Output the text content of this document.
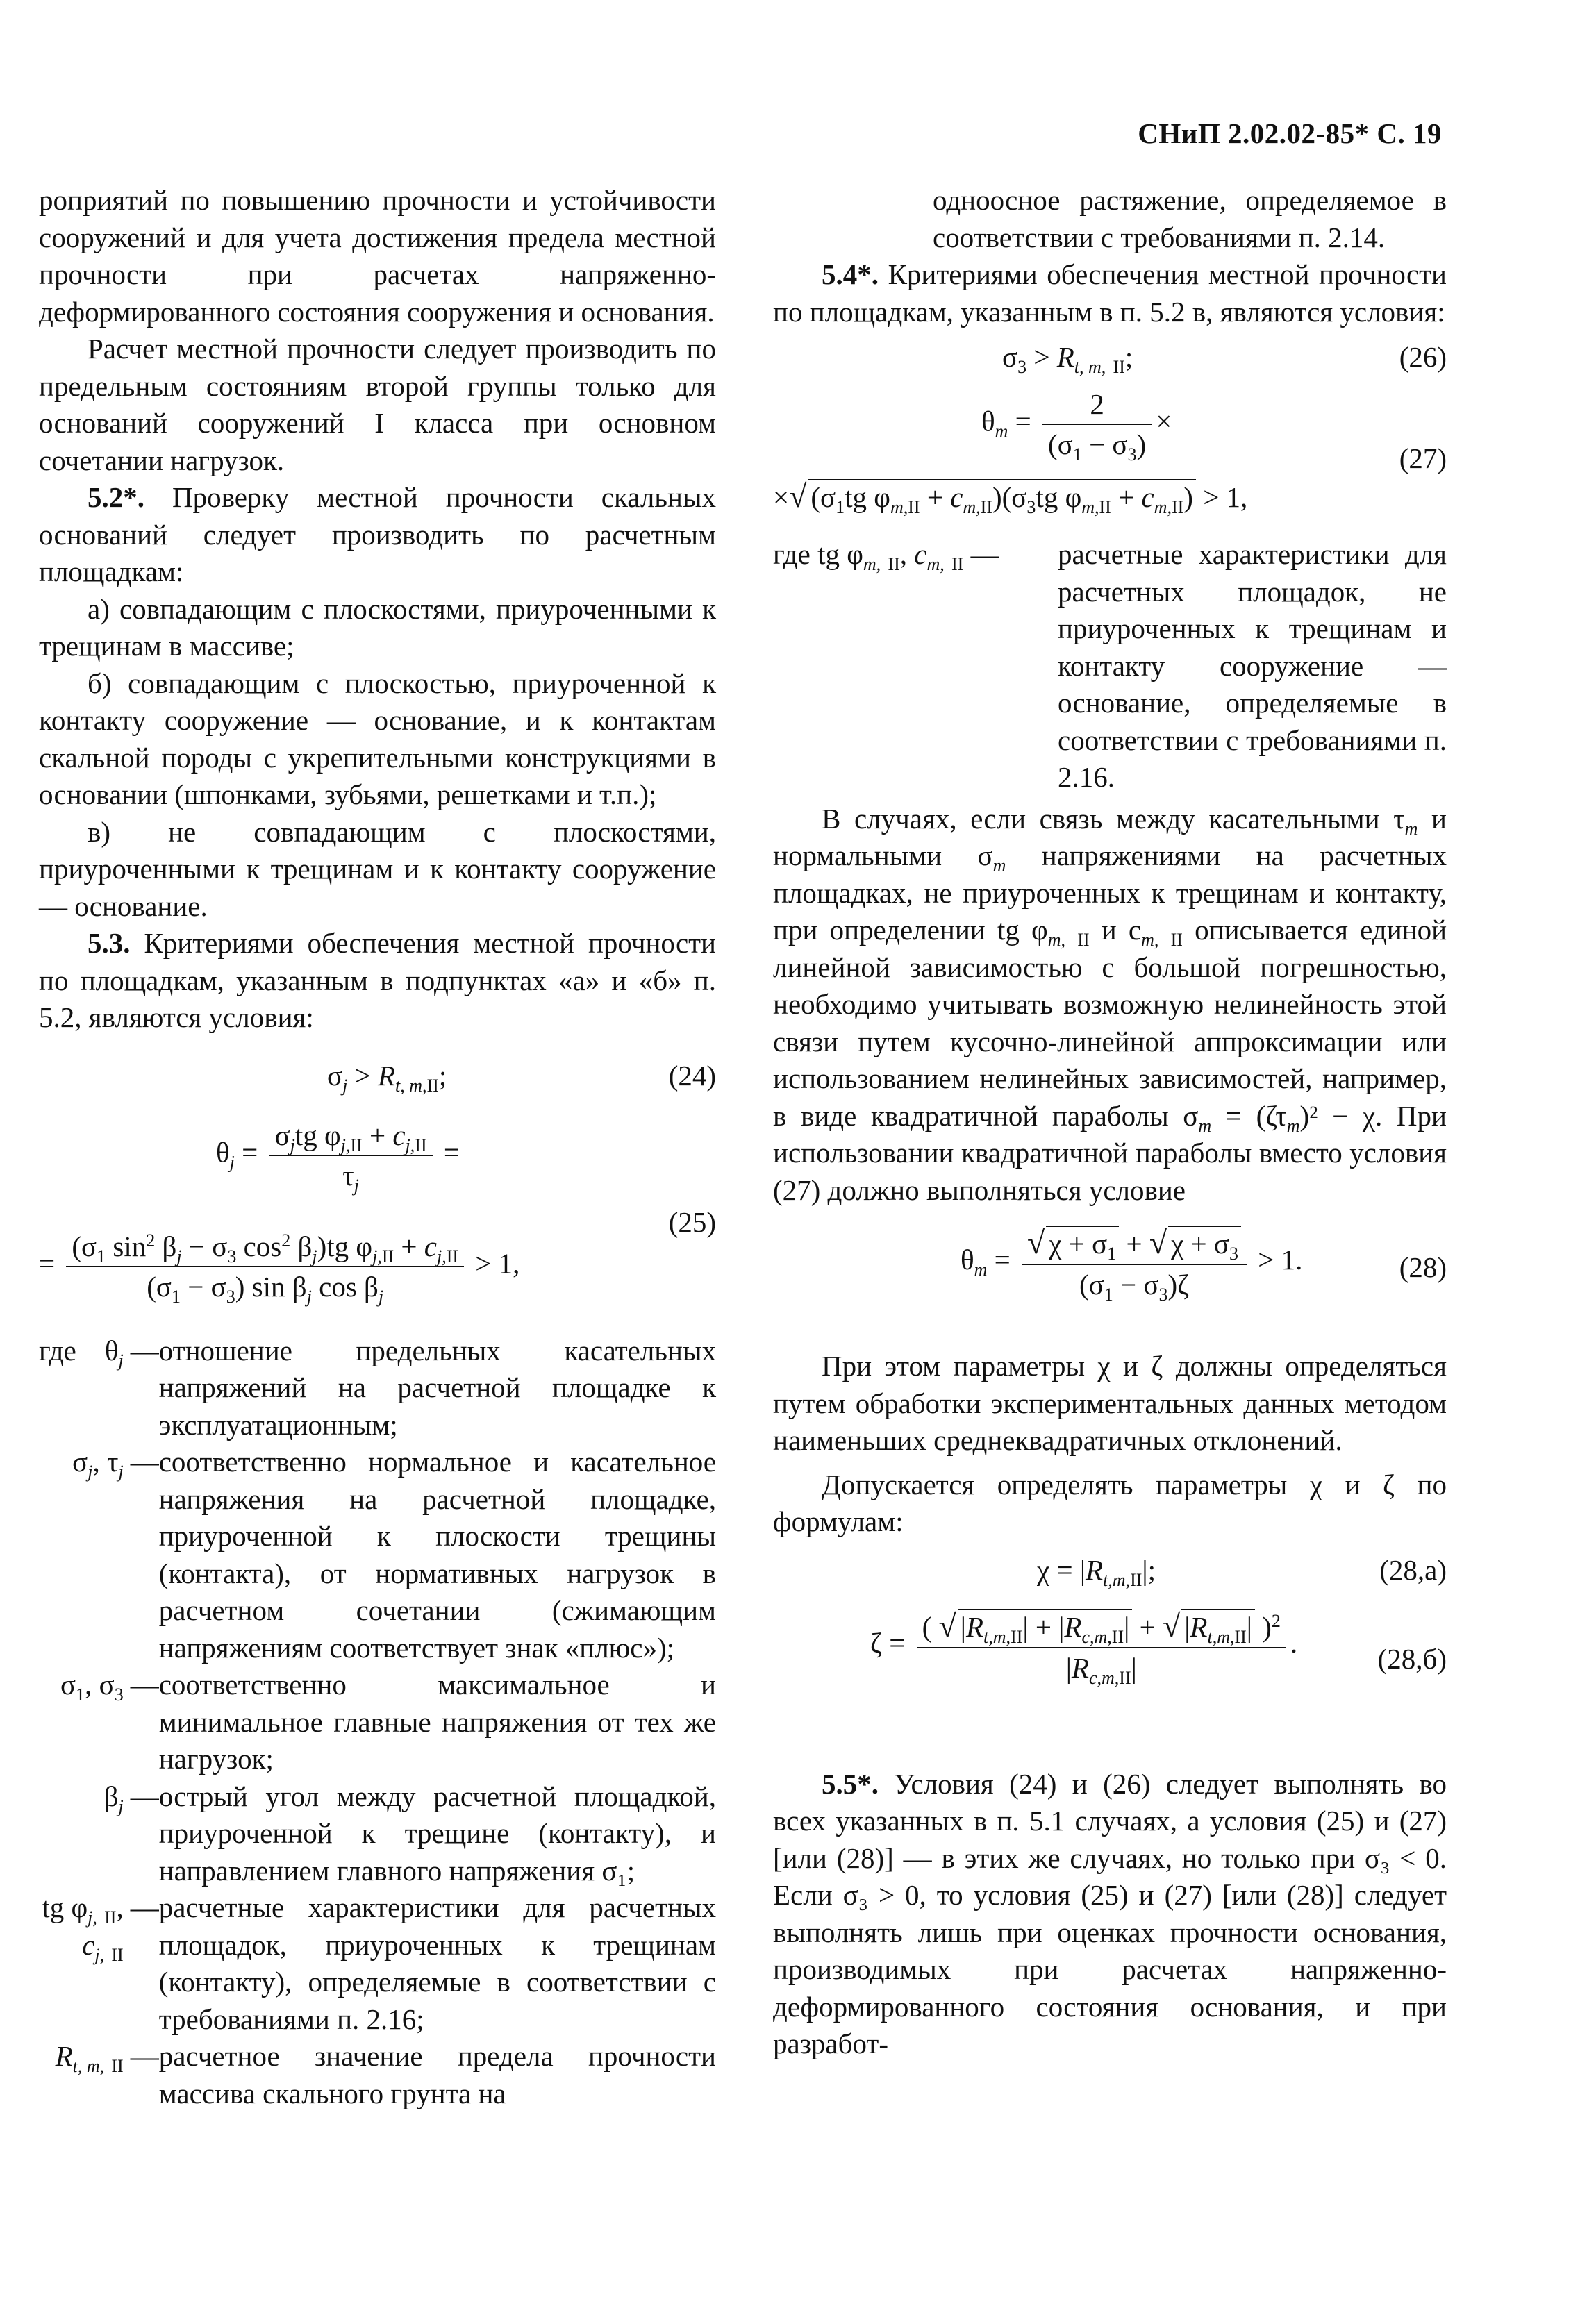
СНиП 2.02.02-85* С. 19

роприятий по повышению прочности и устойчивости сооружений и для учета достижения предела местной прочности при расчетах напряженно-деформированного состояния сооружения и основания.

Расчет местной прочности следует производить по предельным состояниям второй группы только для оснований сооружений I класса при основном сочетании нагрузок.

5.2*. Проверку местной прочности скальных оснований следует производить по расчетным площадкам:

а) совпадающим с плоскостями, приуроченными к трещинам в массиве;

б) совпадающим с плоскостью, приуроченной к контакту сооружение — основание, и к контактам скальной породы с укрепительными конструкциями в основании (шпонками, зубьями, решетками и т.п.);

в) не совпадающим с плоскостями, приуроченными к трещинам и к контакту сооружение — основание.

5.3. Критериями обеспечения местной прочности по площадкам, указанным в подпунктах «а» и «б» п. 5.2, являются условия:

$\sigma_j > R_{t, m,II}$;	(24)
$\theta_j = \frac{\sigma_jtg \varphi_{j,II} + c_{j,II}}{\tau_j}$ =
(25)
= $\frac{(\sigma_1 \sin^2 \beta_j - \sigma_3 \cos^2 \beta_j)tg \varphi_{j,II} + c_{j,II}}{(\sigma_1 - \sigma_3) \sin \beta_j \cos \beta_j} > 1$,
где    $\theta_j$	—	отношение предельных касательных напряжений на расчетной площадке к эксплуатационным;
$\sigma_j$, $\tau_j$	—	соответственно нормальное и касательное напряжения на расчетной площадке, приуроченной к плоскости трещины (контакта), от нормативных нагрузок в расчетном сочетании (сжимающим напряжениям соответствует знак «плюс»);
$\sigma_1$, $\sigma_3$	—	соответственно максимальное и минимальное главные напряжения от тех же нагрузок;
$\beta_j$	—	острый угол между расчетной площадкой, приуроченной к трещине (контакту), и направлением главного напряжения σ₁;
tg $\varphi_{j,}$ $_{II}$,
$c_{j,}$ $_{II}$	—	расчетные характеристики для расчетных площадок, приуроченных к трещинам (контакту), определяемые в соответствии с требованиями п. 2.16;
$R_{t, m,}$ $_{II}$	—	расчетное значение предела прочности массива скального грунта на

одноосное растяжение, определяемое в соответствии с требованиями п. 2.14.

5.4*. Критериями обеспечения местной прочности по площадкам, указанным в п. 5.2 в, являются условия:

$\sigma_3 > R_{t, m,}$ $_{II}$;	(26)
$\theta_m = \frac{2}{(\sigma_1 - \sigma_3)}$ ×
(27)
×√ ($\sigma_1tg$ $\varphi_{m,II} + c_{m,II})(\sigma_3tg$ $\varphi_{m,II} + c_{m,II}) > 1$,
где tg $\varphi_{m,}$ $_{II}$, $c_{m,}$ $_{II}$ —	расчетные характеристики для расчетных площадок, не приуроченных к трещинам и контакту сооружение — основание, определяемые в соответствии с требованиями п. 2.16.

В случаях, если связь между касательными $\tau_m$ и нормальными $\sigma_m$ напряжениями на расчетных площадках, не приуроченных к трещинам и контакту, при определении tg $\varphi_{m,}$ $_{II}$ и $c_{m,}$ $_{II}$ описывается единой линейной зависимостью с большой погрешностью, необходимо учитывать возможную нелинейность этой связи путем кусочно-линейной аппроксимации или использованием нелинейных зависимостей, например, в виде квадратичной параболы $\sigma_m = (\zeta\tau_m)^2 - \chi$. При использовании квадратичной параболы вместо условия (27) должно выполняться условие

$\theta_m = \frac{√ \chi + \sigma_1 + √ \chi + \sigma_3}{(\sigma_1 - \sigma_3)\zeta} > 1$.	(28)

При этом параметры χ и ζ должны определяться путем обработки экспериментальных данных методом наименьших среднеквадратичных отклонений.

Допускается определять параметры χ и ζ по формулам:

$\chi = |R_{t,m,II}|$;	(28,а)
$\zeta = \frac{( √ |R_{t,m,II}| + |R_{c,m,II}| + √ |R_{t,m,II}| )^2}{|R_{c,m,II}|}$ .
(28,б)

5.5*. Условия (24) и (26) следует выполнять во всех указанных в п. 5.1 случаях, а условия (25) и (27) [или (28)] — в этих же случаях, но только при σ₃ < 0. Если σ₃ > 0, то условия (25) и (27) [или (28)] следует выполнять лишь при оценках прочности основания, производимых при расчетах напряженно-деформированного состояния основания, и при разработ-
